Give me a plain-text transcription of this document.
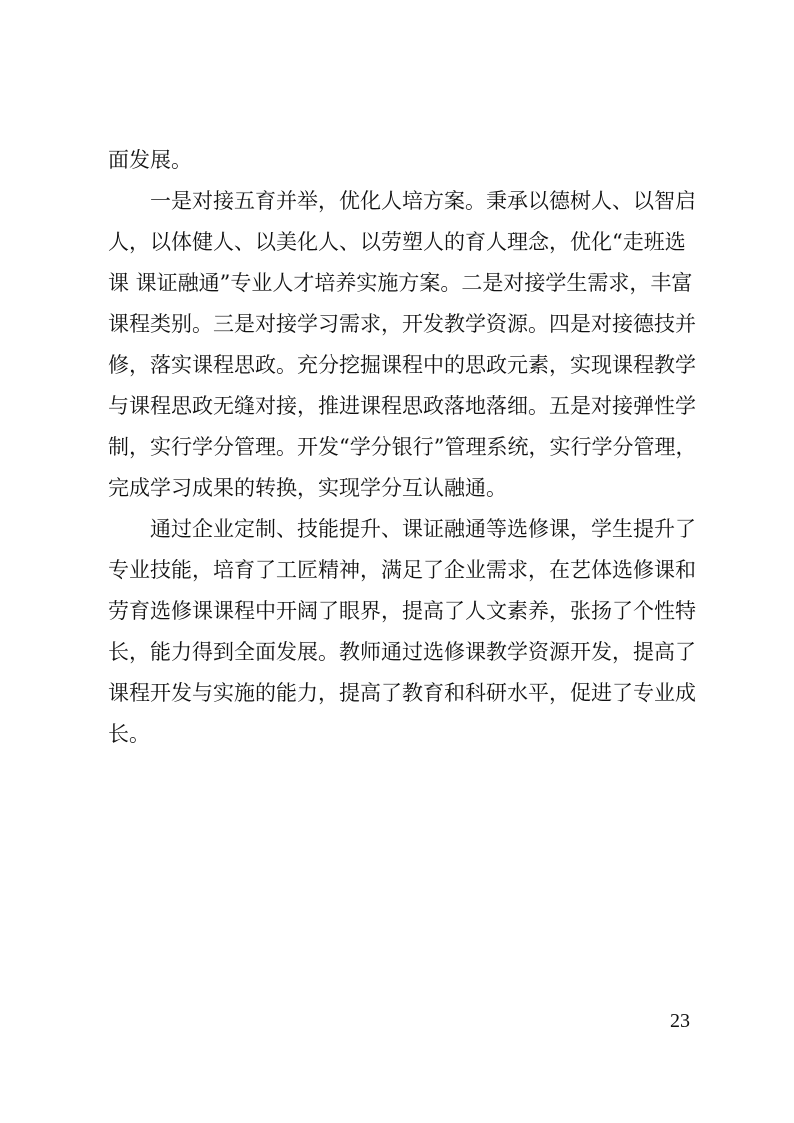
面发展。
　　一是对接五育并举，优化人培方案。秉承以德树人、以智启
人，以体健人、以美化人、以劳塑人的育人理念，优化“走班选
课 课证融通”专业人才培养实施方案。二是对接学生需求，丰富
课程类别。三是对接学习需求，开发教学资源。四是对接德技并
修，落实课程思政。充分挖掘课程中的思政元素，实现课程教学
与课程思政无缝对接，推进课程思政落地落细。五是对接弹性学
制，实行学分管理。开发“学分银行”管理系统，实行学分管理，
完成学习成果的转换，实现学分互认融通。
　　通过企业定制、技能提升、课证融通等选修课，学生提升了
专业技能，培育了工匠精神，满足了企业需求，在艺体选修课和
劳育选修课课程中开阔了眼界，提高了人文素养，张扬了个性特
长，能力得到全面发展。教师通过选修课教学资源开发，提高了
课程开发与实施的能力，提高了教育和科研水平，促进了专业成
长。
23
